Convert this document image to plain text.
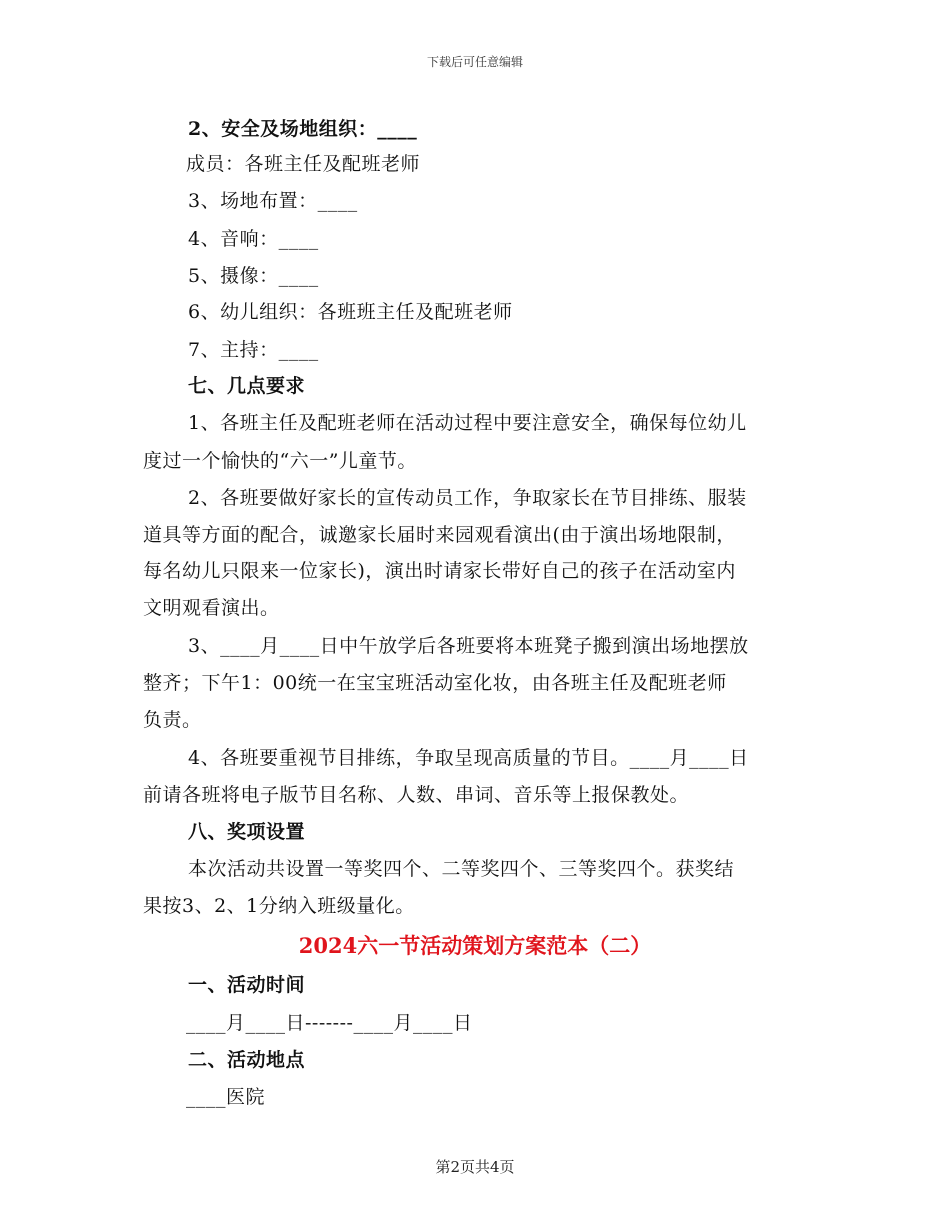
下载后可任意编辑
2、安全及场地组织：____
成员：各班主任及配班老师
3、场地布置：____
4、音响：____
5、摄像：____
6、幼儿组织：各班班主任及配班老师
7、主持：____
七、几点要求
1、各班主任及配班老师在活动过程中要注意安全，确保每位幼儿
度过一个愉快的“六一”儿童节。
2、各班要做好家长的宣传动员工作，争取家长在节目排练、服装
道具等方面的配合，诚邀家长届时来园观看演出(由于演出场地限制，
每名幼儿只限来一位家长)，演出时请家长带好自己的孩子在活动室内
文明观看演出。
3、____月____日中午放学后各班要将本班凳子搬到演出场地摆放
整齐；下午1：00统一在宝宝班活动室化妆，由各班主任及配班老师
负责。
4、各班要重视节目排练，争取呈现高质量的节目。____月____日
前请各班将电子版节目名称、人数、串词、音乐等上报保教处。
八、奖项设置
本次活动共设置一等奖四个、二等奖四个、三等奖四个。获奖结
果按3、2、1分纳入班级量化。
2024六一节活动策划方案范本（二）
一、活动时间
____月____日-------____月____日
二、活动地点
____医院
第2页共4页
